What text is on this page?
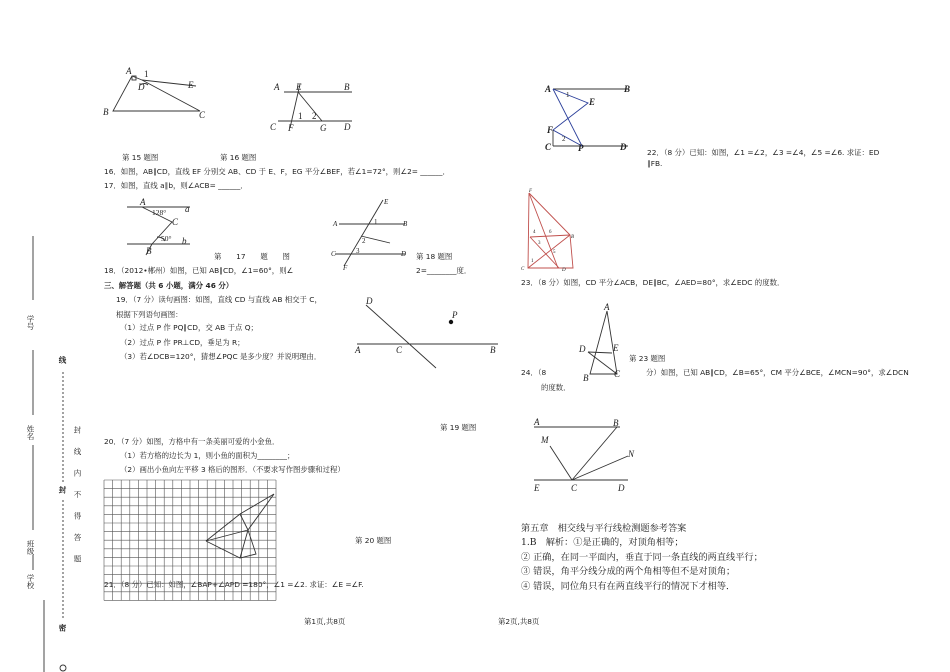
第 15 题图	第 16 题图
16．如图，AB∥CD，直线 EF 分别交 AB、CD 于 E、F，EG 平分∠BEF，若∠1=72°，则∠2= ______．
17．如图，直线 a∥b，则∠ACB= ______．
第　　17　　题　　图	第 18 题图
18．（2012•郴州）如图，已知 AB∥CD，∠1=60°，则∠	2=________度．
三、解答题（共 6 小题，满分 46 分）
19．（7 分）读句画图：如图，直线 CD 与直线 AB 相交于 C，
根据下列语句画图：
（1）过点 P 作 PQ∥CD，交 AB 于点 Q；
（2）过点 P 作 PR⊥CD，垂足为 R；
（3）若∠DCB=120°，猜想∠PQC 是多少度？并说明理由．
第 19 题图
20．（7 分）如图，方格中有一条美丽可爱的小金鱼．
（1）若方格的边长为 1，则小鱼的面积为________；
（2）画出小鱼向左平移 3 格后的图形．（不要求写作图步骤和过程）
第 20 题图
21．（8 分）已知：如图，∠BAP+∠APD =180°，∠1 =∠2. 求证：∠E =∠F.
第1页,共8页
22．（8 分）已知：如图，∠1 =∠2，∠3 =∠4，∠5 =∠6. 求证：ED
∥FB.
23．（8 分）如图，CD 平分∠ACB，DE∥BC，∠AED=80°，求∠EDC 的度数．
第 23 题图
24．（8	分）如图，已知 AB∥CD，∠B=65°，CM 平分∠BCE，∠MCN=90°，求∠DCN
的度数．
第五章　相交线与平行线检测题参考答案
1.B　解析：①是正确的，对顶角相等；
② 正确，在同一平面内，垂直于同一条直线的两直线平行；
③ 错误，角平分线分成的两个角相等但不是对顶角；
④ 错误，同位角只有在两直线平行的情况下才相等．
第2页,共8页
学号
姓名
班级
学校
线
封
密
封线内不得答题
A 1
D	E
B	C
A E	B
1 2
C F	G D
A
a
128°
C
50° b
B
E
A	B
1
2
3
C	D
F
D
P
A	C	B
A	B
1
E
F
2
C	P	D
F
6
4
3
5
B
1
C	D
A
D	E
B	C
A	B
M
N
E	C	D
